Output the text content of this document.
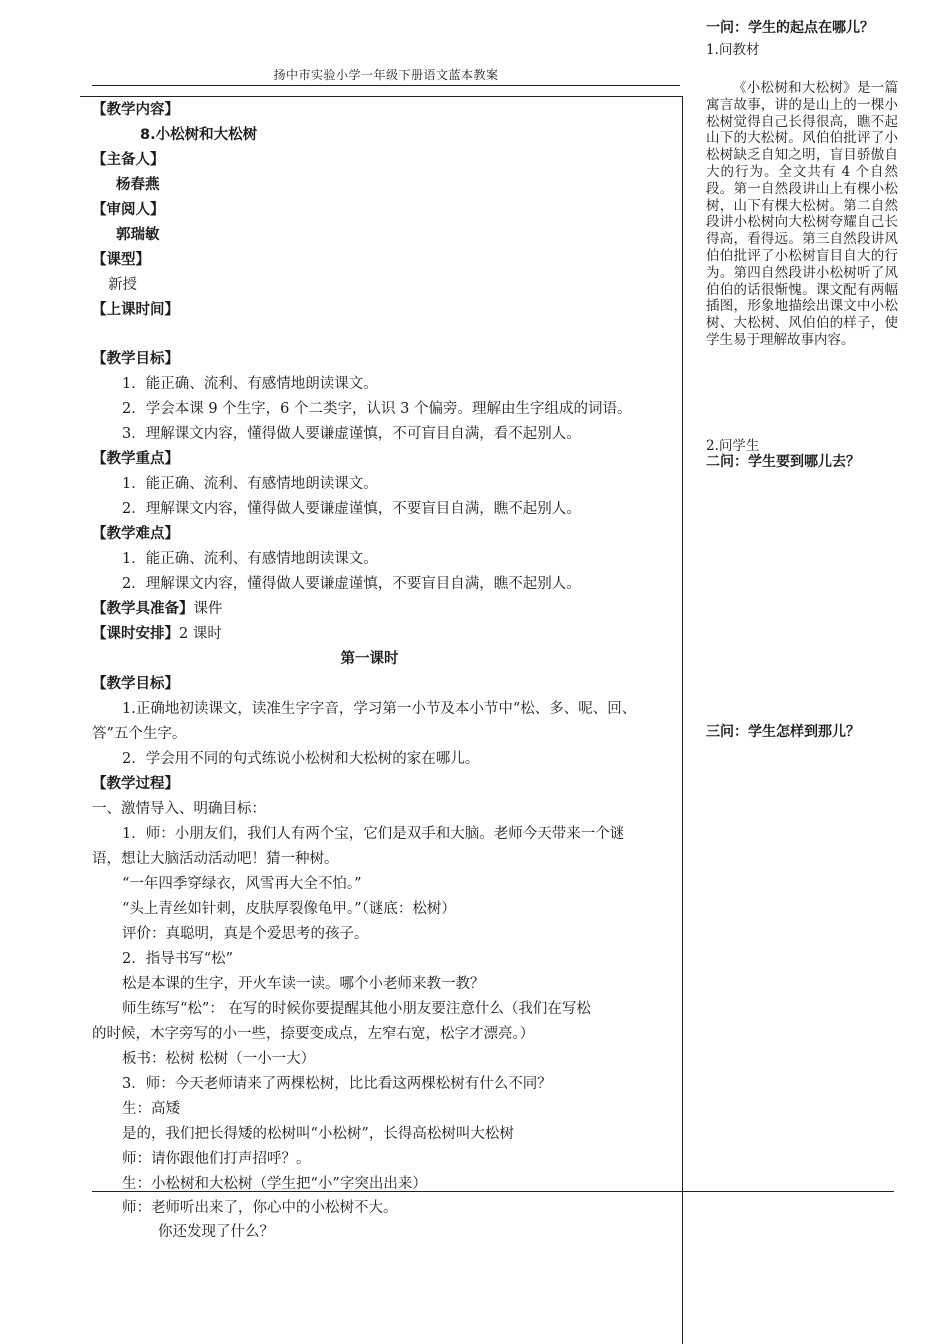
扬中市实验小学一年级下册语文蓝本教案
【教学内容】
8.小松树和大松树
【主备人】
杨春燕
【审阅人】
郭瑞敏
【课型】
新授
【上课时间】
【教学目标】
1．能正确、流利、有感情地朗读课文。
2．学会本课 9 个生字，6 个二类字，认识 3 个偏旁。理解由生字组成的词语。
3．理解课文内容，懂得做人要谦虚谨慎，不可盲目自满，看不起别人。
【教学重点】
1．能正确、流利、有感情地朗读课文。
2．理解课文内容，懂得做人要谦虚谨慎，不要盲目自满，瞧不起别人。
【教学难点】
1．能正确、流利、有感情地朗读课文。
2．理解课文内容，懂得做人要谦虚谨慎，不要盲目自满，瞧不起别人。
【教学具准备】课件
【课时安排】2 课时
第一课时
【教学目标】
1.正确地初读课文，读准生字字音，学习第一小节及本小节中“松、多、呢、回、
答”五个生字。
2．学会用不同的句式练说小松树和大松树的家在哪儿。
【教学过程】
一、激情导入、明确目标：
1．师：小朋友们，我们人有两个宝，它们是双手和大脑。老师今天带来一个谜
语，想让大脑活动活动吧！猜一种树。
“一年四季穿绿衣，风雪再大全不怕。”
“头上青丝如针刺，皮肤厚裂像龟甲。”（谜底：松树）
评价：真聪明，真是个爱思考的孩子。
2．指导书写“松”
松是本课的生字，开火车读一读。哪个小老师来教一教？
师生练写“松”： 在写的时候你要提醒其他小朋友要注意什么（我们在写松
的时候，木字旁写的小一些，捺要变成点，左窄右宽，松字才漂亮。）
板书：松树 松树（一小一大）
3．师：今天老师请来了两棵松树，比比看这两棵松树有什么不同？
生：高矮
是的，我们把长得矮的松树叫“小松树”，长得高松树叫大松树
师：请你跟他们打声招呼？。
生：小松树和大松树（学生把“小”字突出出来）
师：老师听出来了，你心中的小松树不大。
你还发现了什么？
一问：学生的起点在哪儿？
1.问教材
《小松树和大松树》是一篇寓言故事，讲的是山上的一棵小松树觉得自己长得很高，瞧不起山下的大松树。风伯伯批评了小松树缺乏自知之明，盲目骄傲自大的行为。全文共有 4 个自然段。第一自然段讲山上有棵小松树，山下有棵大松树。第二自然段讲小松树向大松树夸耀自己长得高，看得远。第三自然段讲风伯伯批评了小松树盲目自大的行为。第四自然段讲小松树听了风伯伯的话很惭愧。课文配有两幅插图，形象地描绘出课文中小松树、大松树、风伯伯的样子，使学生易于理解故事内容。
2.问学生
二问：学生要到哪儿去？
三问：学生怎样到那儿？
